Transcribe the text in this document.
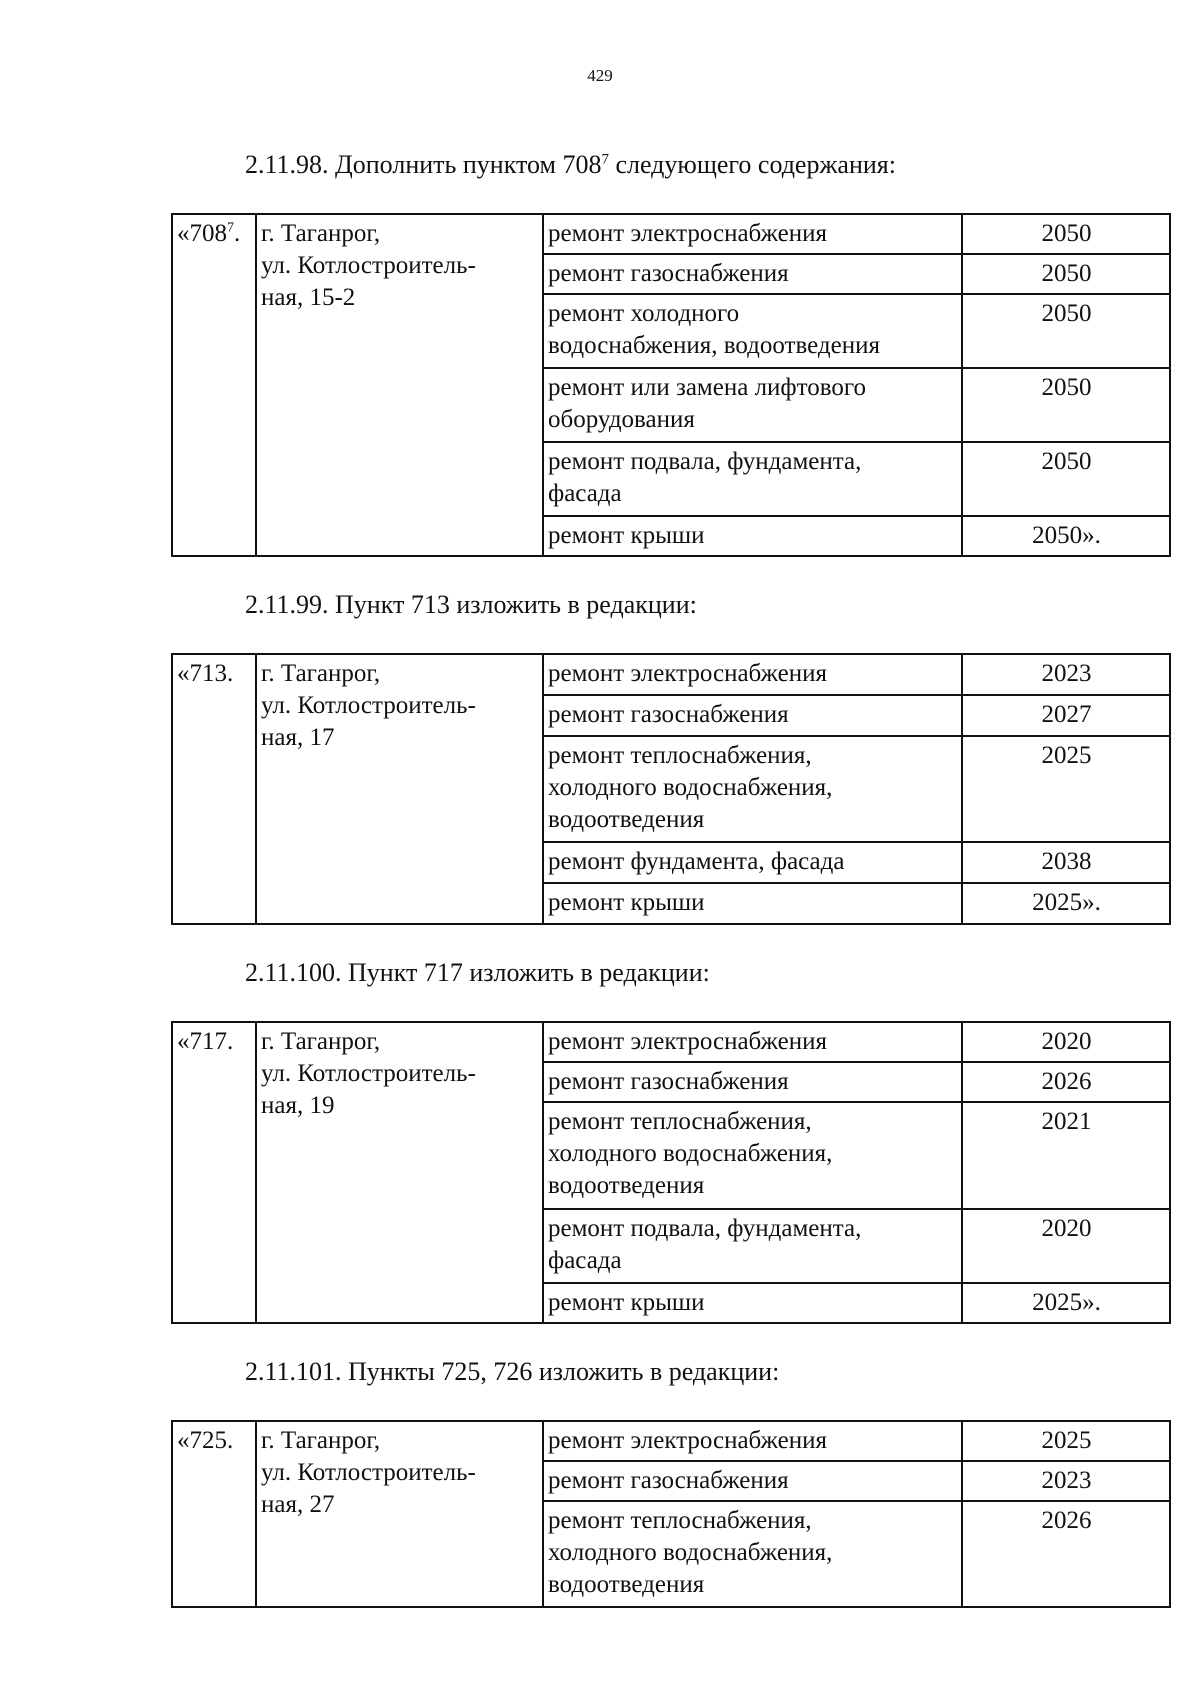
429
2.11.98. Дополнить пунктом $708^7$ следующего содержания:
«$708^7$.	г. Таганрог,
ул. Котлостроитель-
ная, 15-2	ремонт электроснабжения	2050

		ремонт газоснабжения	2050

		ремонт холодного
водоснабжения, водоотведения	2050

		ремонт или замена лифтового
оборудования	2050

		ремонт подвала, фундамента,
фасада	2050

		ремонт крыши	2050».
2.11.99. Пункт 713 изложить в редакции:
«713.	г. Таганрог,
ул. Котлостроитель-
ная, 17	ремонт электроснабжения	2023

		ремонт газоснабжения	2027

		ремонт теплоснабжения,
холодного водоснабжения,
водоотведения	2025

		ремонт фундамента, фасада	2038

		ремонт крыши	2025».
2.11.100. Пункт 717 изложить в редакции:
«717.	г. Таганрог,
ул. Котлостроитель-
ная, 19	ремонт электроснабжения	2020

		ремонт газоснабжения	2026

		ремонт теплоснабжения,
холодного водоснабжения,
водоотведения	2021

		ремонт подвала, фундамента,
фасада	2020

		ремонт крыши	2025».
2.11.101. Пункты 725, 726 изложить в редакции:
«725.	г. Таганрог,
ул. Котлостроитель-
ная, 27	ремонт электроснабжения	2025

		ремонт газоснабжения	2023

		ремонт теплоснабжения,
холодного водоснабжения,
водоотведения	2026
